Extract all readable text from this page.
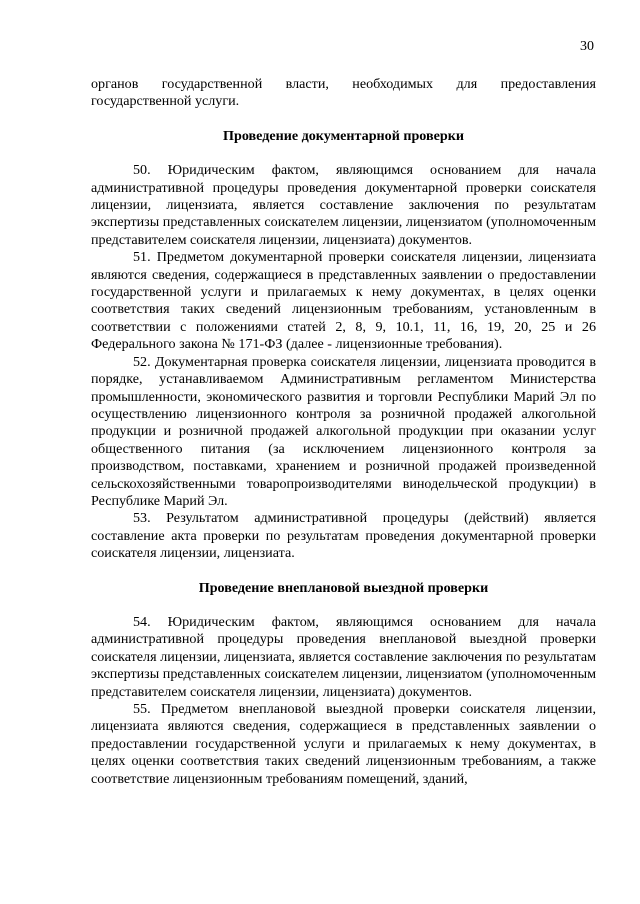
30

органов государственной власти, необходимых для предоставления государственной услуги.

Проведение документарной проверки

50. Юридическим фактом, являющимся основанием для начала административной процедуры проведения документарной проверки соискателя лицензии, лицензиата, является составление заключения по результатам экспертизы представленных соискателем лицензии, лицензиатом (уполномоченным представителем соискателя лицензии, лицензиата) документов.

51. Предметом документарной проверки соискателя лицензии, лицензиата являются сведения, содержащиеся в представленных заявлении о предоставлении государственной услуги и прилагаемых к нему документах, в целях оценки соответствия таких сведений лицензионным требованиям, установленным в соответствии с положениями статей 2, 8, 9, 10.1, 11, 16, 19, 20, 25 и 26 Федерального закона № 171-ФЗ (далее - лицензионные требования).

52. Документарная проверка соискателя лицензии, лицензиата проводится в порядке, устанавливаемом Административным регламентом Министерства промышленности, экономического развития и торговли Республики Марий Эл по осуществлению лицензионного контроля за розничной продажей алкогольной продукции и розничной продажей алкогольной продукции при оказании услуг общественного питания (за исключением лицензионного контроля за производством, поставками, хранением и розничной продажей произведенной сельскохозяйственными товаропроизводителями винодельческой продукции) в Республике Марий Эл.

53. Результатом административной процедуры (действий) является составление акта проверки по результатам проведения документарной проверки соискателя лицензии, лицензиата.

Проведение внеплановой выездной проверки

54. Юридическим фактом, являющимся основанием для начала административной процедуры проведения внеплановой выездной проверки соискателя лицензии, лицензиата, является составление заключения по результатам экспертизы представленных соискателем лицензии, лицензиатом (уполномоченным представителем соискателя лицензии, лицензиата) документов.

55. Предметом внеплановой выездной проверки соискателя лицензии, лицензиата являются сведения, содержащиеся в представленных заявлении о предоставлении государственной услуги и прилагаемых к нему документах, в целях оценки соответствия таких сведений лицензионным требованиям, а также соответствие лицензионным требованиям помещений, зданий,
